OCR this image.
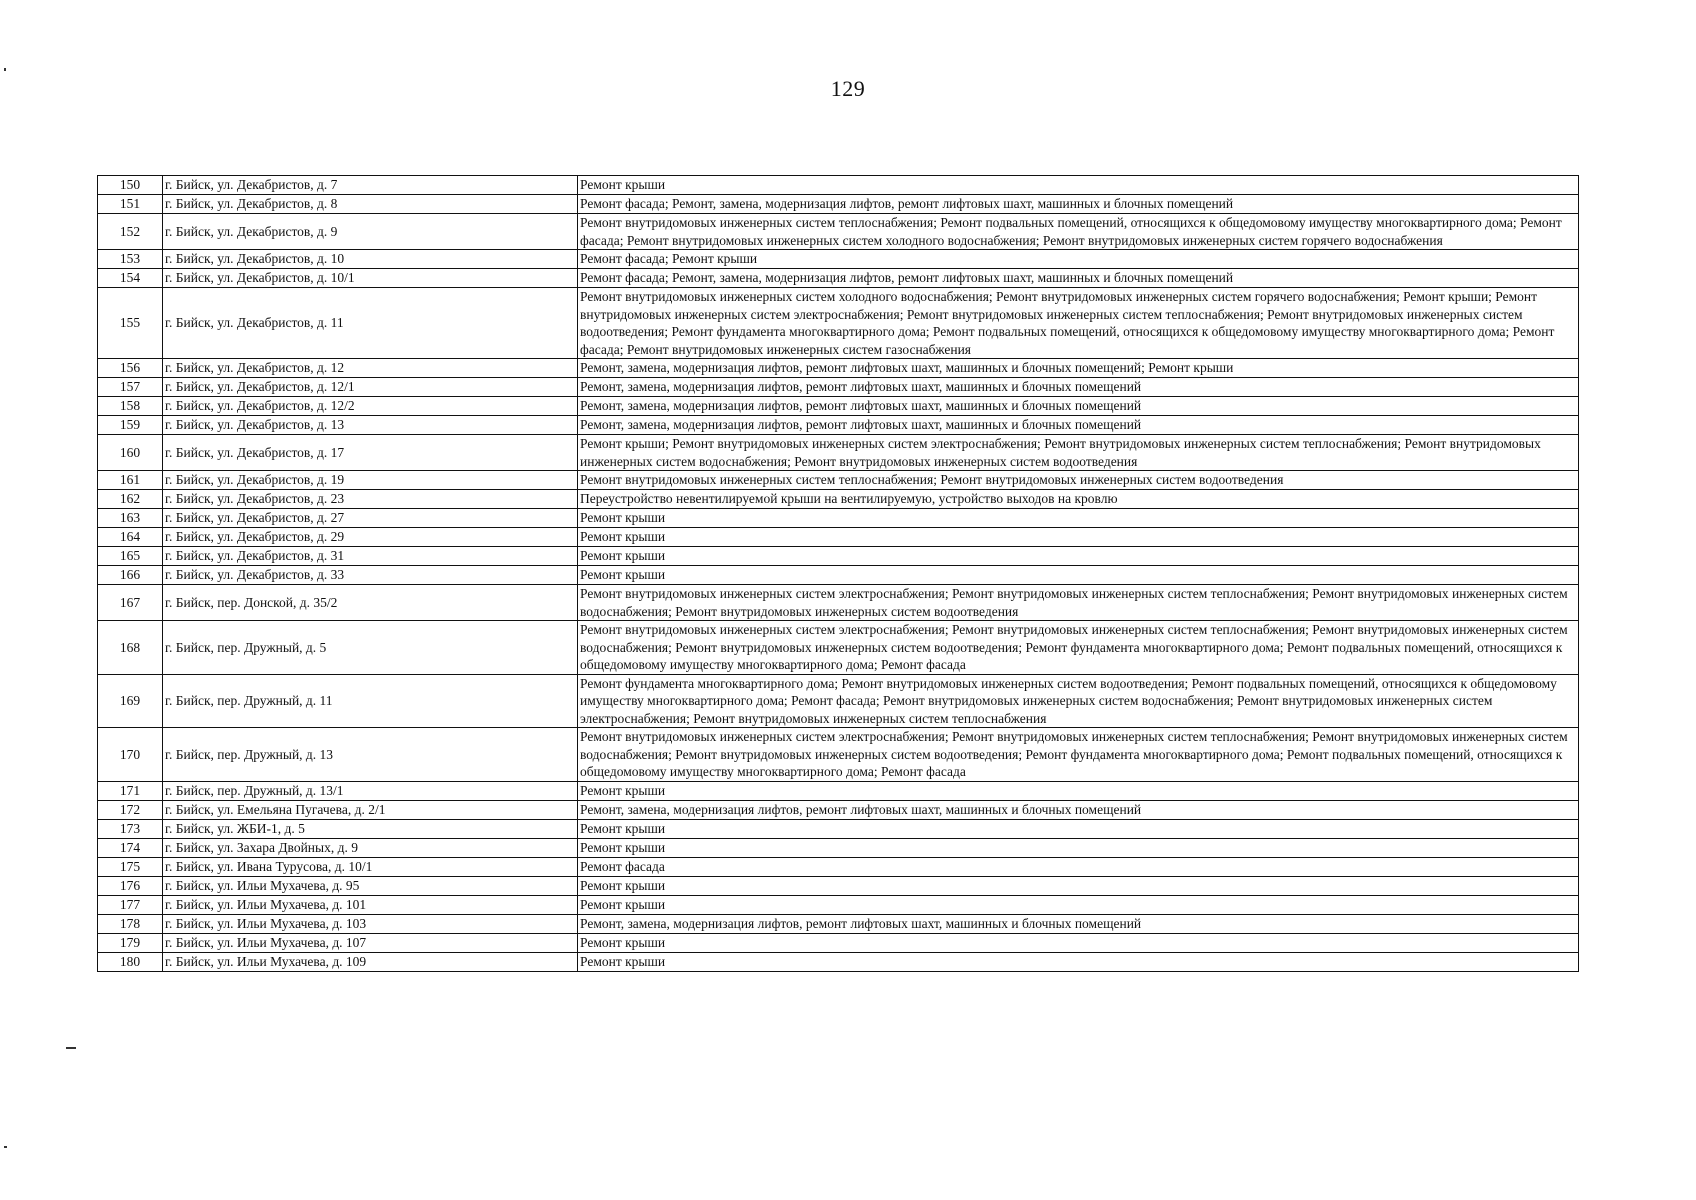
129
150	г. Бийск, ул. Декабристов, д. 7	Ремонт крыши
151	г. Бийск, ул. Декабристов, д. 8	Ремонт фасада; Ремонт, замена, модернизация лифтов, ремонт лифтовых шахт, машинных и блочных помещений
152	г. Бийск, ул. Декабристов, д. 9	Ремонт внутридомовых инженерных систем теплоснабжения; Ремонт подвальных помещений, относящихся к общедомовому имуществу многоквартирного дома; Ремонт фасада; Ремонт внутридомовых инженерных систем холодного водоснабжения; Ремонт внутридомовых инженерных систем горячего водоснабжения
153	г. Бийск, ул. Декабристов, д. 10	Ремонт фасада; Ремонт крыши
154	г. Бийск, ул. Декабристов, д. 10/1	Ремонт фасада; Ремонт, замена, модернизация лифтов, ремонт лифтовых шахт, машинных и блочных помещений
155	г. Бийск, ул. Декабристов, д. 11	Ремонт внутридомовых инженерных систем холодного водоснабжения; Ремонт внутридомовых инженерных систем горячего водоснабжения; Ремонт крыши; Ремонт внутридомовых инженерных систем электроснабжения; Ремонт внутридомовых инженерных систем теплоснабжения; Ремонт внутридомовых инженерных систем водоотведения; Ремонт фундамента многоквартирного дома; Ремонт подвальных помещений, относящихся к общедомовому имуществу многоквартирного дома; Ремонт фасада; Ремонт внутридомовых инженерных систем газоснабжения
156	г. Бийск, ул. Декабристов, д. 12	Ремонт, замена, модернизация лифтов, ремонт лифтовых шахт, машинных и блочных помещений; Ремонт крыши
157	г. Бийск, ул. Декабристов, д. 12/1	Ремонт, замена, модернизация лифтов, ремонт лифтовых шахт, машинных и блочных помещений
158	г. Бийск, ул. Декабристов, д. 12/2	Ремонт, замена, модернизация лифтов, ремонт лифтовых шахт, машинных и блочных помещений
159	г. Бийск, ул. Декабристов, д. 13	Ремонт, замена, модернизация лифтов, ремонт лифтовых шахт, машинных и блочных помещений
160	г. Бийск, ул. Декабристов, д. 17	Ремонт крыши; Ремонт внутридомовых инженерных систем электроснабжения; Ремонт внутридомовых инженерных систем теплоснабжения; Ремонт внутридомовых инженерных систем водоснабжения; Ремонт внутридомовых инженерных систем водоотведения
161	г. Бийск, ул. Декабристов, д. 19	Ремонт внутридомовых инженерных систем теплоснабжения; Ремонт внутридомовых инженерных систем водоотведения
162	г. Бийск, ул. Декабристов, д. 23	Переустройство невентилируемой крыши на вентилируемую, устройство выходов на кровлю
163	г. Бийск, ул. Декабристов, д. 27	Ремонт крыши
164	г. Бийск, ул. Декабристов, д. 29	Ремонт крыши
165	г. Бийск, ул. Декабристов, д. 31	Ремонт крыши
166	г. Бийск, ул. Декабристов, д. 33	Ремонт крыши
167	г. Бийск, пер. Донской, д. 35/2	Ремонт внутридомовых инженерных систем электроснабжения; Ремонт внутридомовых инженерных систем теплоснабжения; Ремонт внутридомовых инженерных систем водоснабжения; Ремонт внутридомовых инженерных систем водоотведения
168	г. Бийск, пер. Дружный, д. 5	Ремонт внутридомовых инженерных систем электроснабжения; Ремонт внутридомовых инженерных систем теплоснабжения; Ремонт внутридомовых инженерных систем водоснабжения; Ремонт внутридомовых инженерных систем водоотведения; Ремонт фундамента многоквартирного дома; Ремонт подвальных помещений, относящихся к общедомовому имуществу многоквартирного дома; Ремонт фасада
169	г. Бийск, пер. Дружный, д. 11	Ремонт фундамента многоквартирного дома; Ремонт внутридомовых инженерных систем водоотведения; Ремонт подвальных помещений, относящихся к общедомовому имуществу многоквартирного дома; Ремонт фасада; Ремонт внутридомовых инженерных систем водоснабжения; Ремонт внутридомовых инженерных систем электроснабжения; Ремонт внутридомовых инженерных систем теплоснабжения
170	г. Бийск, пер. Дружный, д. 13	Ремонт внутридомовых инженерных систем электроснабжения; Ремонт внутридомовых инженерных систем теплоснабжения; Ремонт внутридомовых инженерных систем водоснабжения; Ремонт внутридомовых инженерных систем водоотведения; Ремонт фундамента многоквартирного дома; Ремонт подвальных помещений, относящихся к общедомовому имуществу многоквартирного дома; Ремонт фасада
171	г. Бийск, пер. Дружный, д. 13/1	Ремонт крыши
172	г. Бийск, ул. Емельяна Пугачева, д. 2/1	Ремонт, замена, модернизация лифтов, ремонт лифтовых шахт, машинных и блочных помещений
173	г. Бийск, ул. ЖБИ-1, д. 5	Ремонт крыши
174	г. Бийск, ул. Захара Двойных, д. 9	Ремонт крыши
175	г. Бийск, ул. Ивана Турусова, д. 10/1	Ремонт фасада
176	г. Бийск, ул. Ильи Мухачева, д. 95	Ремонт крыши
177	г. Бийск, ул. Ильи Мухачева, д. 101	Ремонт крыши
178	г. Бийск, ул. Ильи Мухачева, д. 103	Ремонт, замена, модернизация лифтов, ремонт лифтовых шахт, машинных и блочных помещений
179	г. Бийск, ул. Ильи Мухачева, д. 107	Ремонт крыши
180	г. Бийск, ул. Ильи Мухачева, д. 109	Ремонт крыши
